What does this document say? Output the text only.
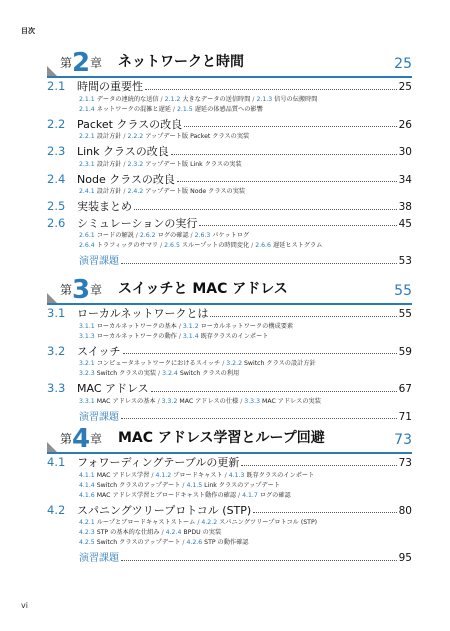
目次
vi
第 2 章 ネットワークと時間	25
2.1	時間の重要性	25
2.1.1 データの連続的な送信 / 2.1.2 大きなデータの送信時間 / 2.1.3 信号の伝搬時間
2.1.4 ネットワークの混雑と遅延 / 2.1.5 遅延の体感品質への影響
2.2	Packet クラスの改良	26
2.2.1 設計方針 / 2.2.2 アップデート版 Packet クラスの実装
2.3	Link クラスの改良	30
2.3.1 設計方針 / 2.3.2 アップデート版 Link クラスの実装
2.4	Node クラスの改良	34
2.4.1 設計方針 / 2.4.2 アップデート版 Node クラスの実装
2.5	実装まとめ	38
2.6	シミュレーションの実行	45
2.6.1 コードの解説 / 2.6.2 ログの確認 / 2.6.3 パケットログ
2.6.4 トラフィックのサマリ / 2.6.5 スループットの時間変化 / 2.6.6 遅延ヒストグラム
演習課題	53
第 3 章 スイッチと MAC アドレス	55
3.1	ローカルネットワークとは	55
3.1.1 ローカルネットワークの基本 / 3.1.2 ローカルネットワークの構成要素
3.1.3 ローカルネットワークの動作 / 3.1.4 既存クラスのインポート
3.2	スイッチ	59
3.2.1 コンピュータネットワークにおけるスイッチ / 3.2.2 Switch クラスの設計方針
3.2.3 Switch クラスの実装 / 3.2.4 Switch クラスの利用
3.3	MAC アドレス	67
3.3.1 MAC アドレスの基本 / 3.3.2 MAC アドレスの仕様 / 3.3.3 MAC アドレスの実装
演習課題	71
第 4 章 MAC アドレス学習とループ回避	73
4.1	フォワーディングテーブルの更新	73
4.1.1 MAC アドレス学習 / 4.1.2 ブロードキャスト / 4.1.3 既存クラスのインポート
4.1.4 Switch クラスのアップデート / 4.1.5 Link クラスのアップデート
4.1.6 MAC アドレス学習とブロードキャスト動作の確認 / 4.1.7 ログの確認
4.2	スパニングツリープロトコル (STP)	80
4.2.1 ループとブロードキャストストーム / 4.2.2 スパニングツリープロトコル (STP)
4.2.3 STP の基本的な仕組み / 4.2.4 BPDU の実装
4.2.5 Switch クラスのアップデート / 4.2.6 STP の動作確認
演習課題	95
